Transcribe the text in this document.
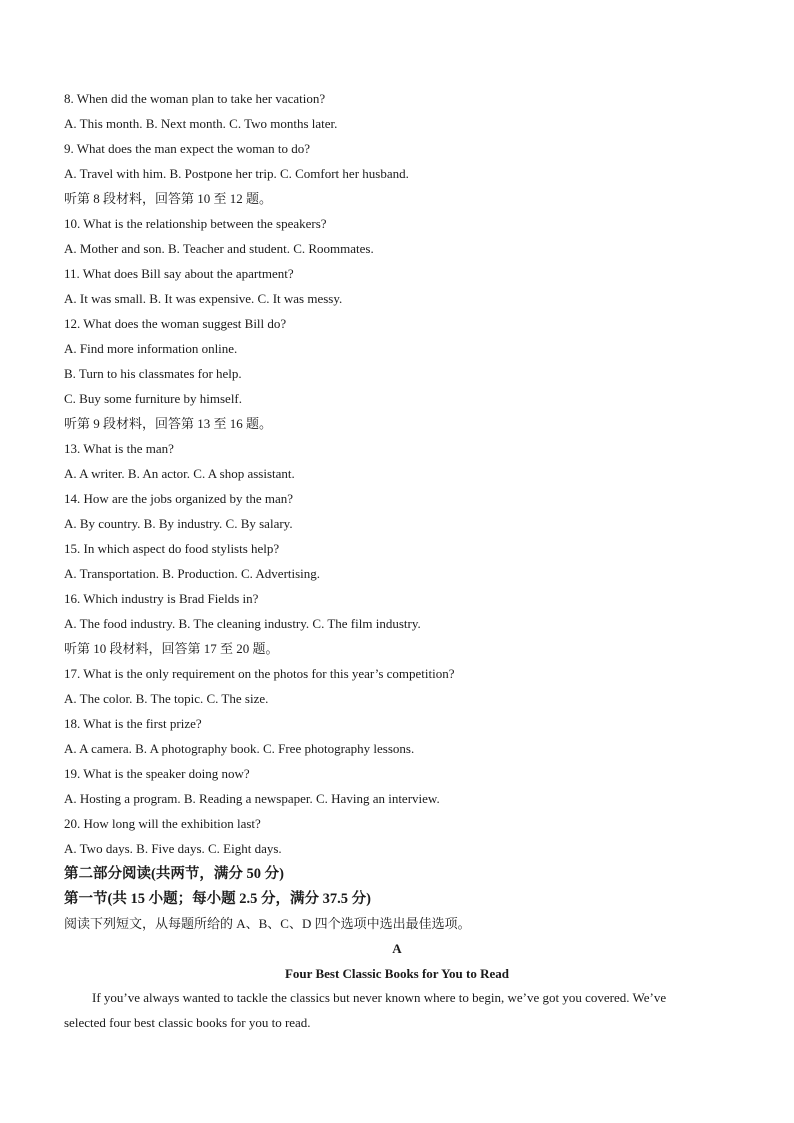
8. When did the woman plan to take her vacation?
A. This month. B. Next month. C. Two months later.
9. What does the man expect the woman to do?
A. Travel with him. B. Postpone her trip. C. Comfort her husband.
听第 8 段材料，回答第 10 至 12 题。
10. What is the relationship between the speakers?
A. Mother and son. B. Teacher and student. C. Roommates.
11. What does Bill say about the apartment?
A. It was small. B. It was expensive. C. It was messy.
12. What does the woman suggest Bill do?
A. Find more information online.
B. Turn to his classmates for help.
C. Buy some furniture by himself.
听第 9 段材料，回答第 13 至 16 题。
13. What is the man?
A. A writer. B. An actor. C. A shop assistant.
14. How are the jobs organized by the man?
A. By country. B. By industry. C. By salary.
15. In which aspect do food stylists help?
A. Transportation. B. Production. C. Advertising.
16. Which industry is Brad Fields in?
A. The food industry. B. The cleaning industry. C. The film industry.
听第 10 段材料，回答第 17 至 20 题。
17. What is the only requirement on the photos for this year’s competition?
A. The color. B. The topic. C. The size.
18. What is the first prize?
A. A camera. B. A photography book. C. Free photography lessons.
19. What is the speaker doing now?
A. Hosting a program. B. Reading a newspaper. C. Having an interview.
20. How long will the exhibition last?
A. Two days. B. Five days. C. Eight days.
第二部分阅读(共两节，满分 50 分)
第一节(共 15 小题；每小题 2.5 分，满分 37.5 分)
阅读下列短文，从每题所给的 A、B、C、D 四个选项中选出最佳选项。
A
Four Best Classic Books for You to Read
If you’ve always wanted to tackle the classics but never known where to begin, we’ve got you covered. We’ve
selected four best classic books for you to read.
